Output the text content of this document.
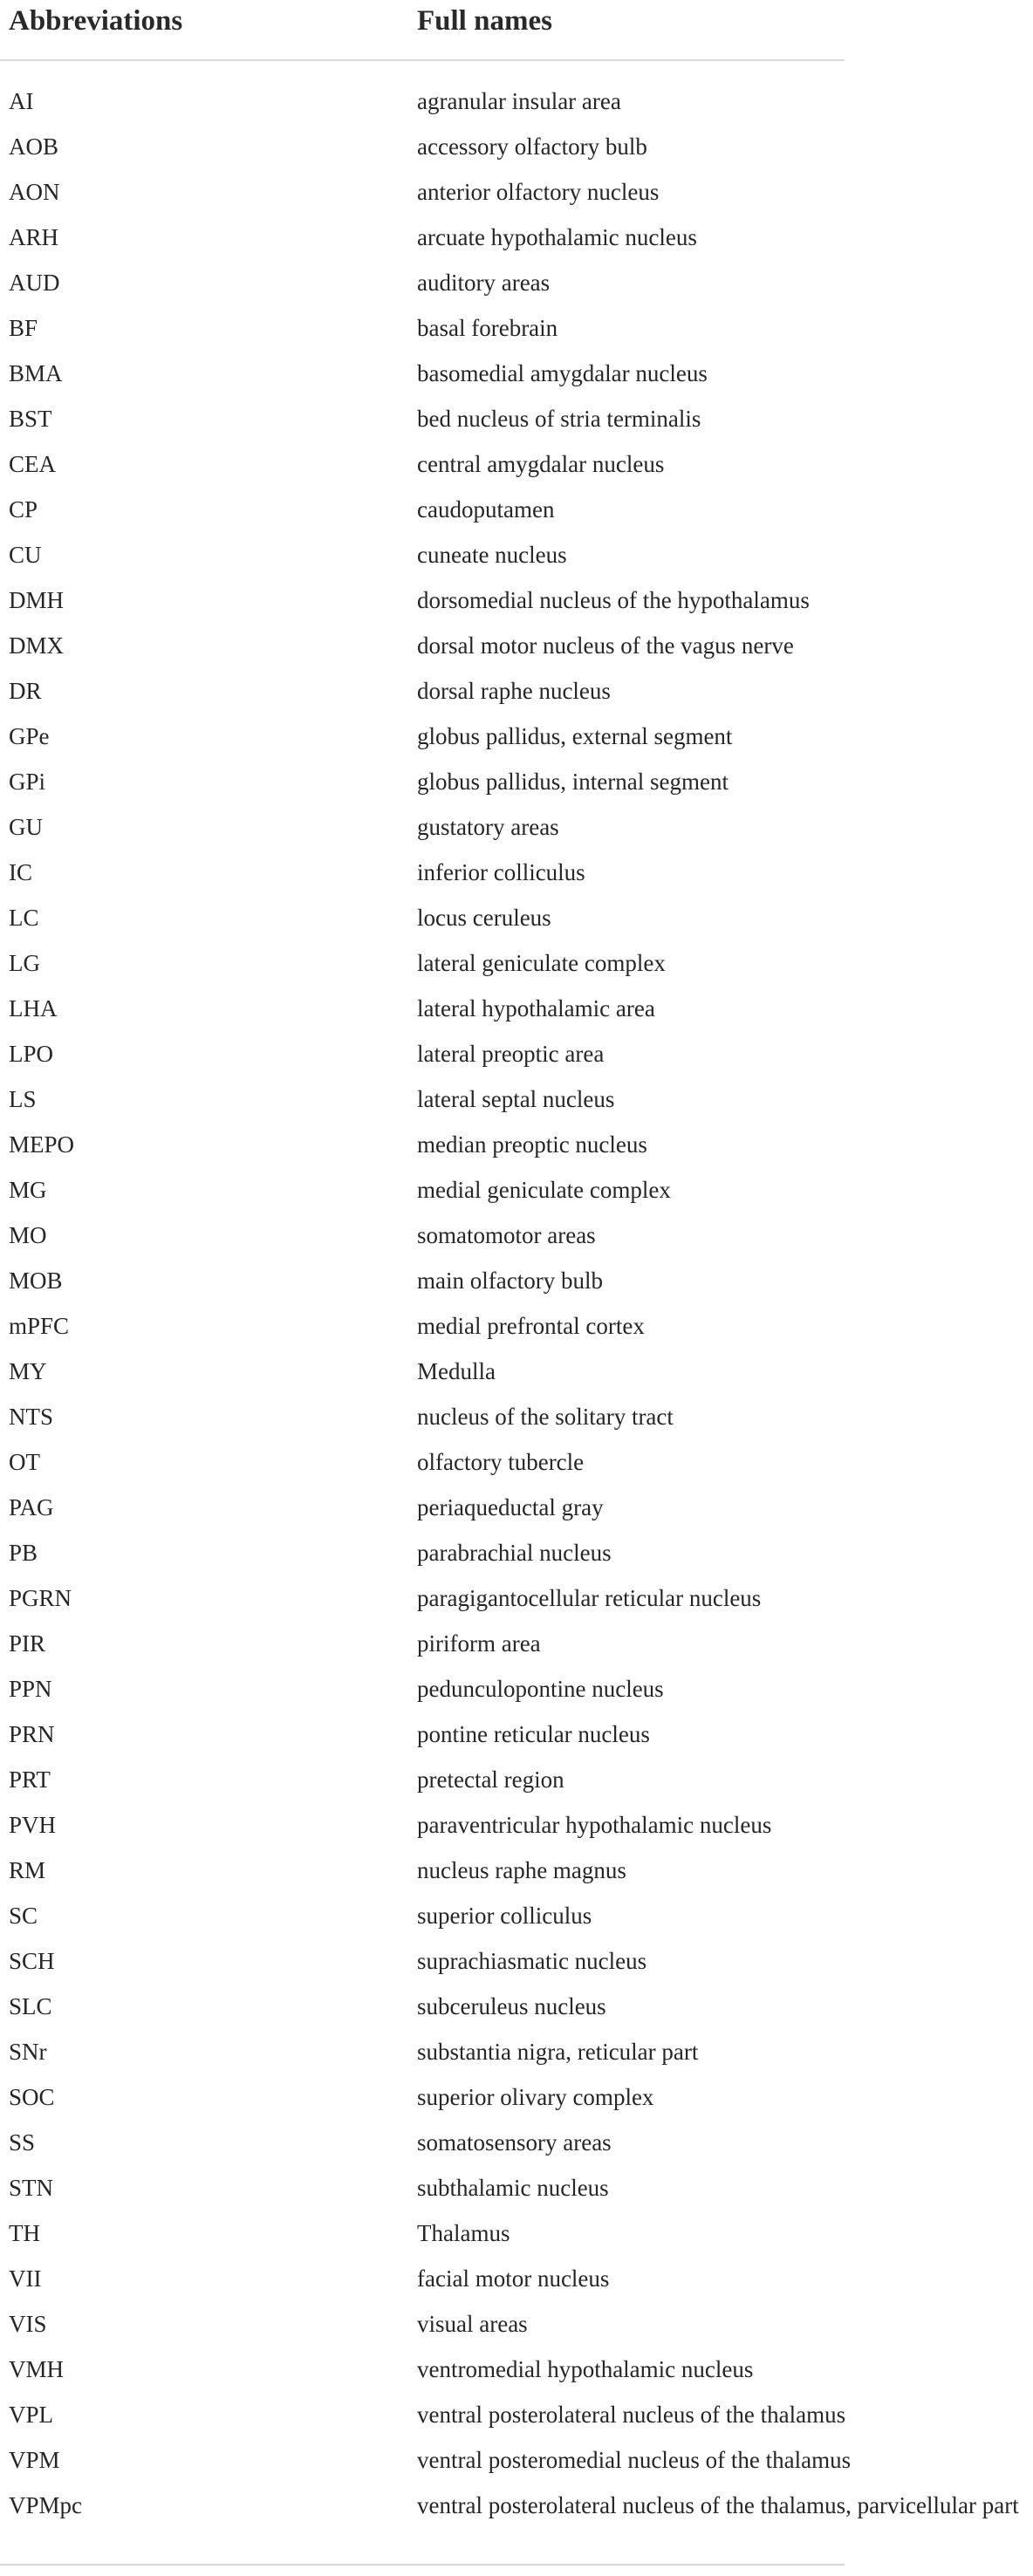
Abbreviations	Full names
AI	agranular insular area
AOB	accessory olfactory bulb
AON	anterior olfactory nucleus
ARH	arcuate hypothalamic nucleus
AUD	auditory areas
BF	basal forebrain
BMA	basomedial amygdalar nucleus
BST	bed nucleus of stria terminalis
CEA	central amygdalar nucleus
CP	caudoputamen
CU	cuneate nucleus
DMH	dorsomedial nucleus of the hypothalamus
DMX	dorsal motor nucleus of the vagus nerve
DR	dorsal raphe nucleus
GPe	globus pallidus, external segment
GPi	globus pallidus, internal segment
GU	gustatory areas
IC	inferior colliculus
LC	locus ceruleus
LG	lateral geniculate complex
LHA	lateral hypothalamic area
LPO	lateral preoptic area
LS	lateral septal nucleus
MEPO	median preoptic nucleus
MG	medial geniculate complex
MO	somatomotor areas
MOB	main olfactory bulb
mPFC	medial prefrontal cortex
MY	Medulla
NTS	nucleus of the solitary tract
OT	olfactory tubercle
PAG	periaqueductal gray
PB	parabrachial nucleus
PGRN	paragigantocellular reticular nucleus
PIR	piriform area
PPN	pedunculopontine nucleus
PRN	pontine reticular nucleus
PRT	pretectal region
PVH	paraventricular hypothalamic nucleus
RM	nucleus raphe magnus
SC	superior colliculus
SCH	suprachiasmatic nucleus
SLC	subceruleus nucleus
SNr	substantia nigra, reticular part
SOC	superior olivary complex
SS	somatosensory areas
STN	subthalamic nucleus
TH	Thalamus
VII	facial motor nucleus
VIS	visual areas
VMH	ventromedial hypothalamic nucleus
VPL	ventral posterolateral nucleus of the thalamus
VPM	ventral posteromedial nucleus of the thalamus
VPMpc	ventral posterolateral nucleus of the thalamus, parvicellular part
